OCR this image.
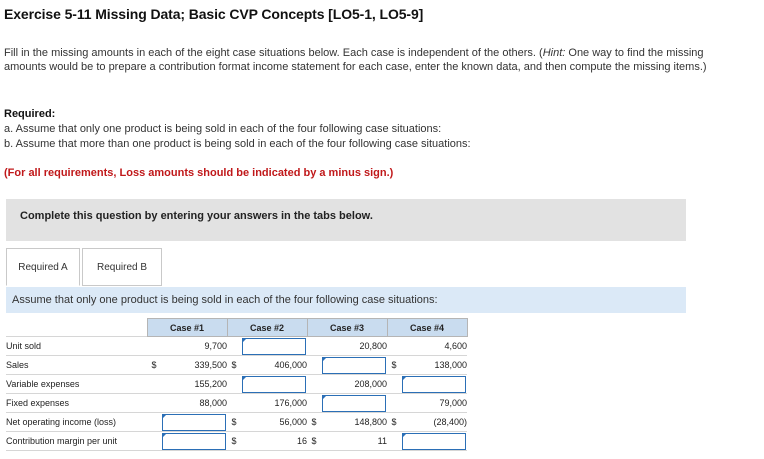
Exercise 5-11 Missing Data; Basic CVP Concepts [LO5-1, LO5-9]
Fill in the missing amounts in each of the eight case situations below. Each case is independent of the others. (Hint: One way to find the missing amounts would be to prepare a contribution format income statement for each case, enter the known data, and then compute the missing items.)
Required:
a. Assume that only one product is being sold in each of the four following case situations:
b. Assume that more than one product is being sold in each of the four following case situations:
(For all requirements, Loss amounts should be indicated by a minus sign.)
Complete this question by entering your answers in the tabs below.
Required A	Required B
Assume that only one product is being sold in each of the four following case situations:
	Case #1		Case #2		Case #3		Case #4	
Unit sold		9,700				20,800		4,600
Sales	$	339,500	$	406,000			$	138,000
Variable expenses		155,200				208,000		

Fixed expenses		88,000		176,000				79,000
Net operating income (loss)			$	56,000	$	148,800	$	(28,400)
Contribution margin per unit			$	16	$	11		
